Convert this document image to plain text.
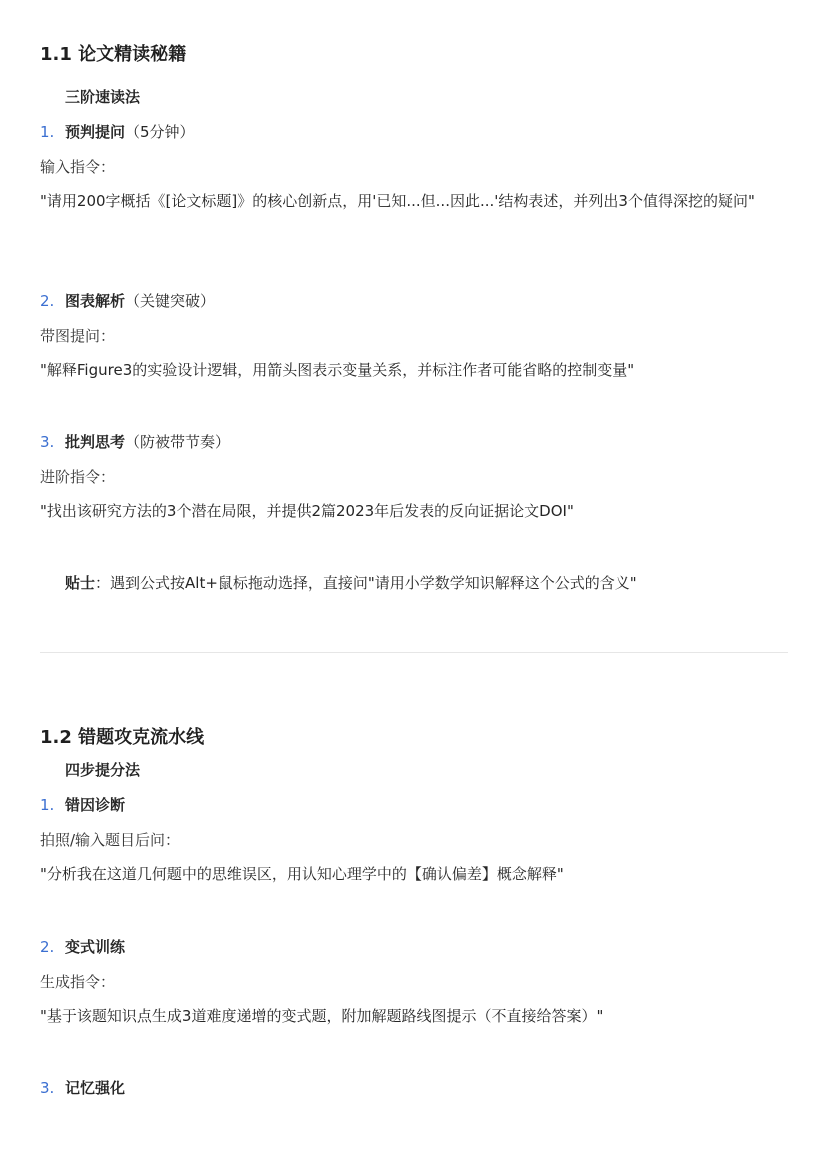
1.1 论文精读秘籍
三阶速读法
1. 预判提问（5分钟）
输入指令：
"请用200字概括《[论文标题]》的核心创新点，用'已知...但...因此...'结构表述，并列出3个值得深挖的疑问"
2. 图表解析（关键突破）
带图提问：
"解释Figure3的实验设计逻辑，用箭头图表示变量关系，并标注作者可能省略的控制变量"
3. 批判思考（防被带节奏）
进阶指令：
"找出该研究方法的3个潜在局限，并提供2篇2023年后发表的反向证据论文DOI"
贴士：遇到公式按Alt+鼠标拖动选择，直接问"请用小学数学知识解释这个公式的含义"
1.2 错题攻克流水线
四步提分法
1. 错因诊断
拍照/输入题目后问：
"分析我在这道几何题中的思维误区，用认知心理学中的【确认偏差】概念解释"
2. 变式训练
生成指令：
"基于该题知识点生成3道难度递增的变式题，附加解题路线图提示（不直接给答案）"
3. 记忆强化
